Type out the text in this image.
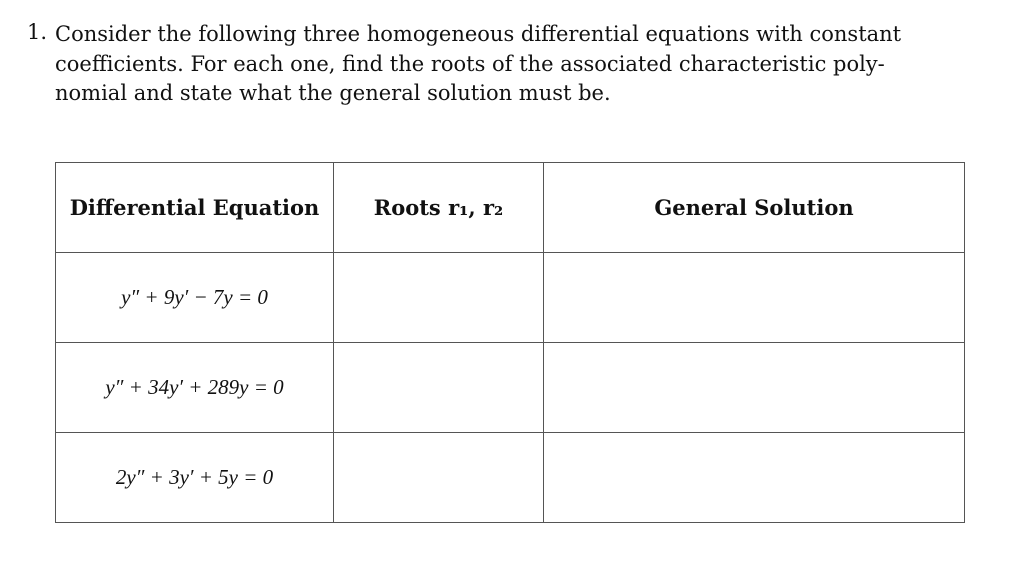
1. Consider the following three homogeneous differential equations with constant
coefficients. For each one, find the roots of the associated characteristic poly-
nomial and state what the general solution must be.
Differential Equation	Roots r₁, r₂	General Solution
y″ + 9y′ − 7y = 0		
y″ + 34y′ + 289y = 0		
2y″ + 3y′ + 5y = 0		
